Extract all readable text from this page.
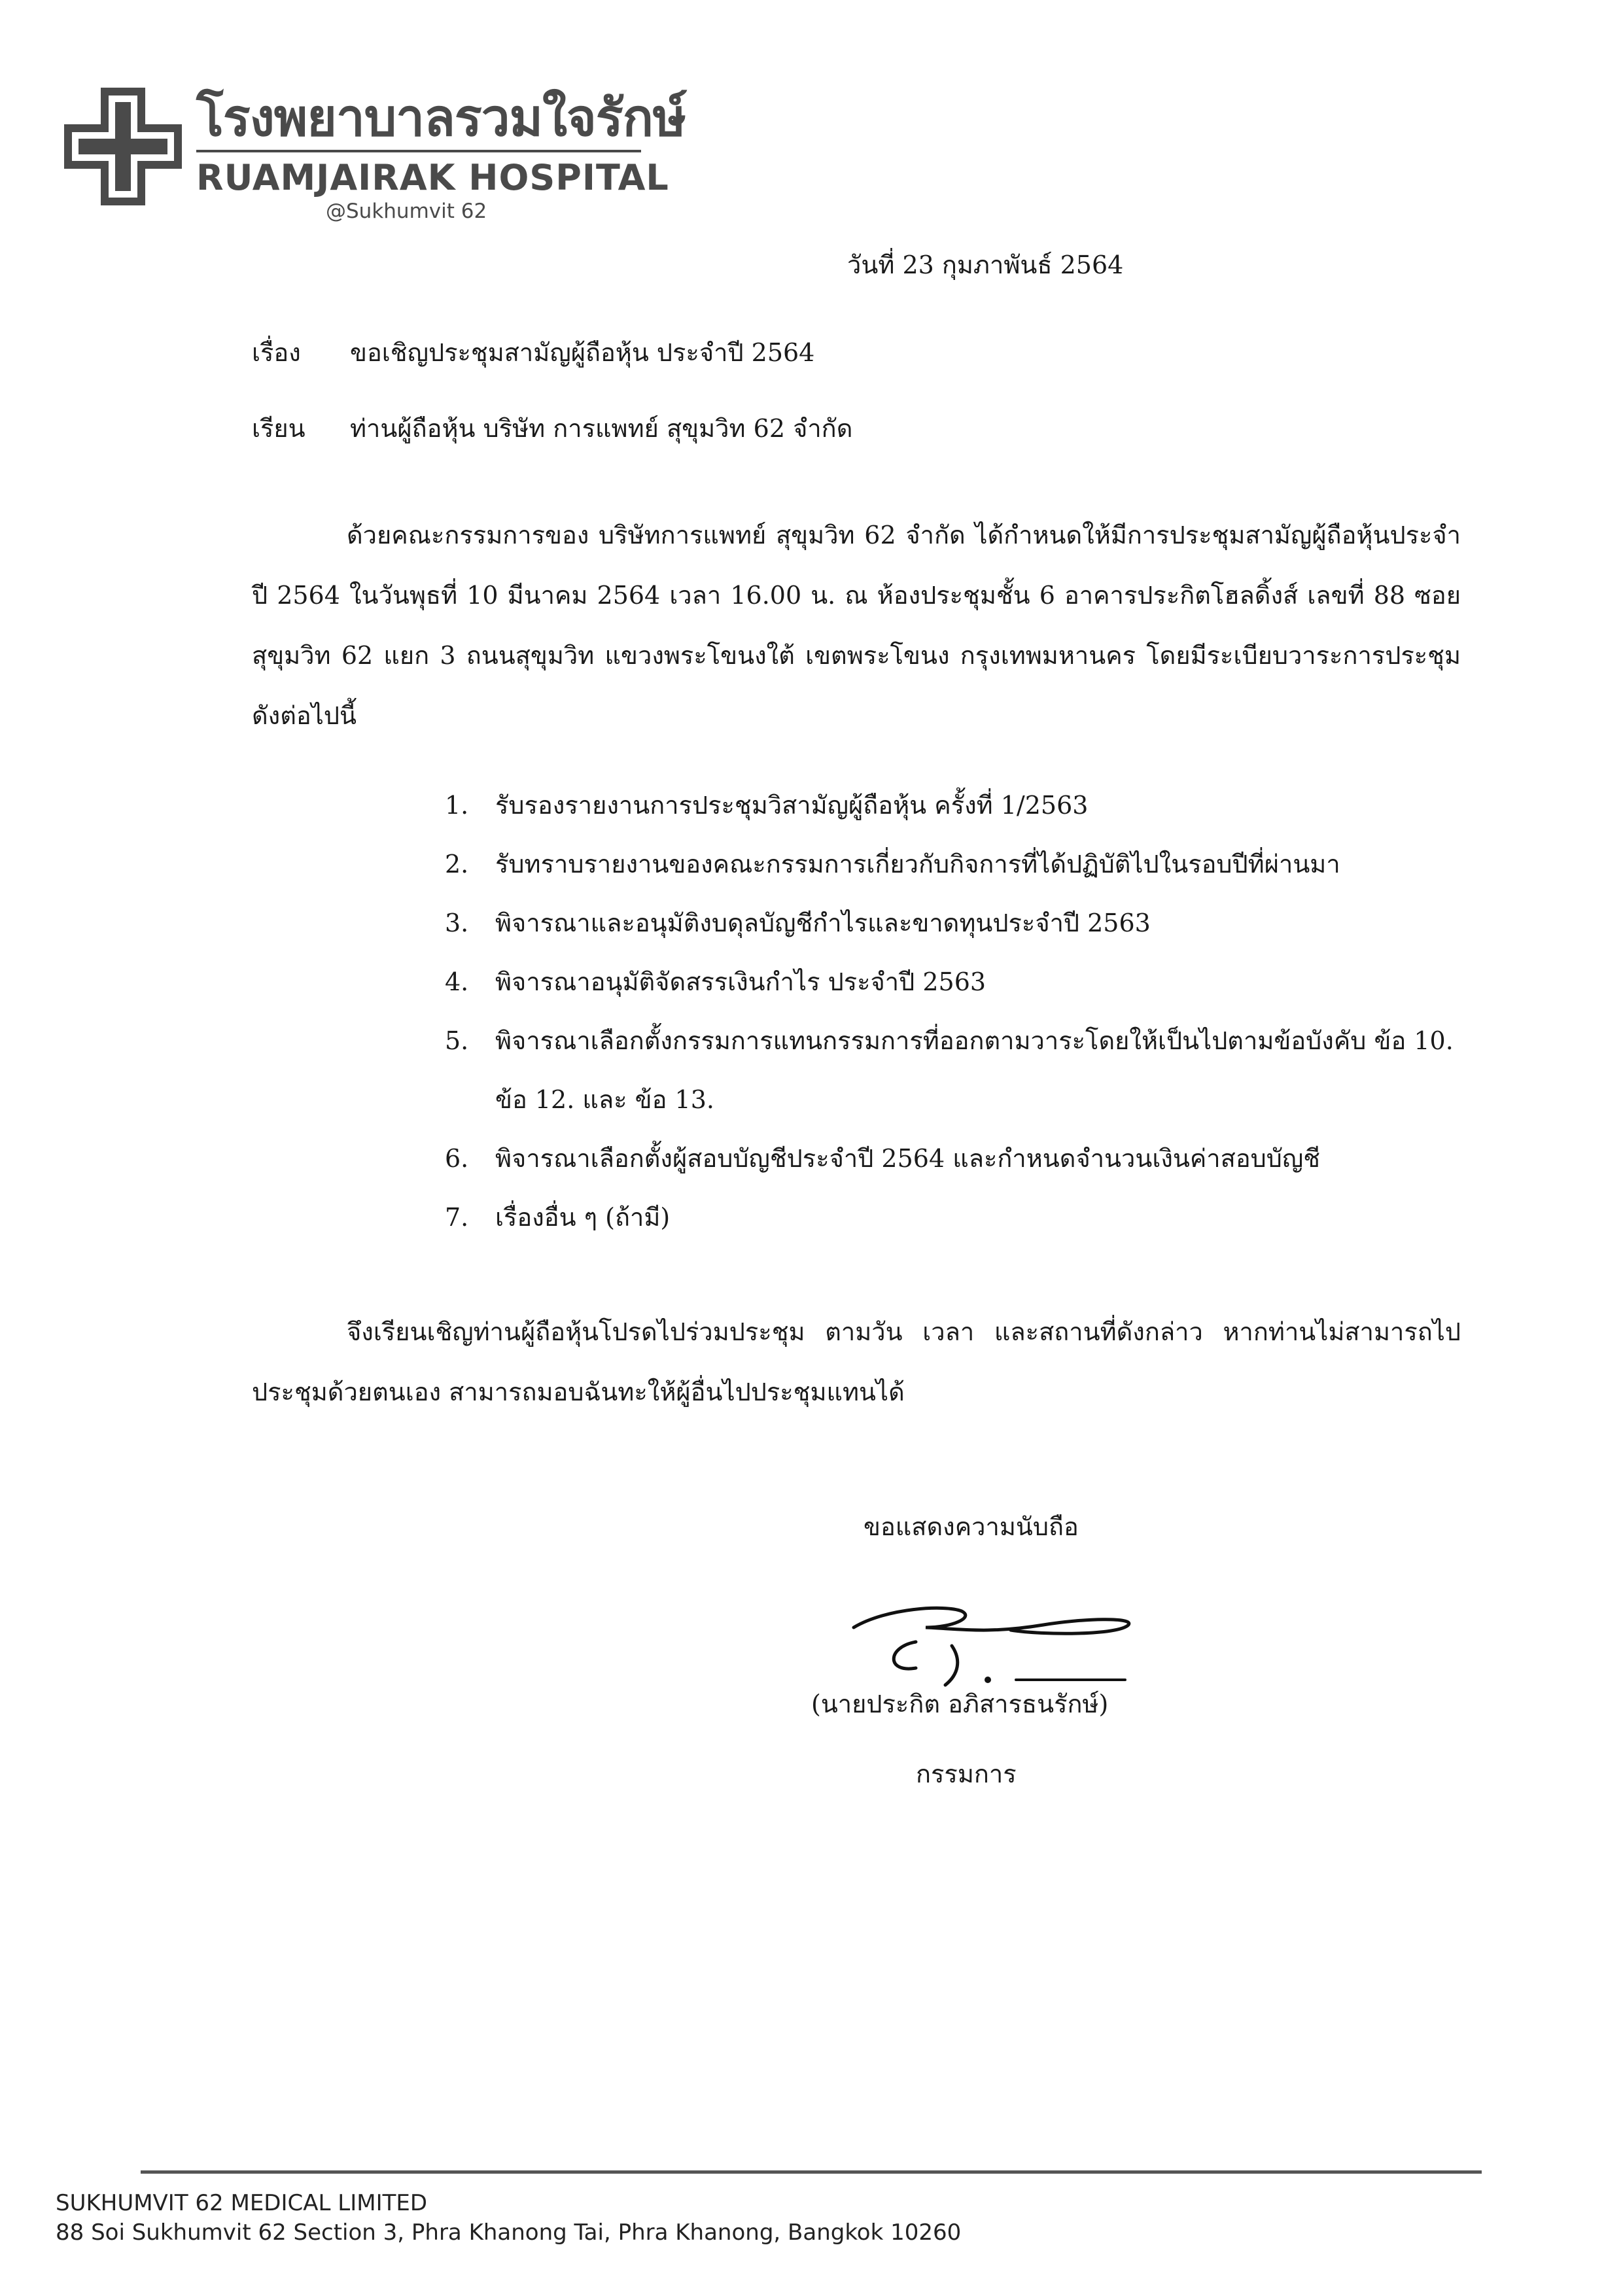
โรงพยาบาลรวมใจรักษ์
RUAMJAIRAK HOSPITAL
@Sukhumvit 62
วันที่ 23 กุมภาพันธ์ 2564
เรื่อง ขอเชิญประชุมสามัญผู้ถือหุ้น ประจำปี 2564
เรียน ท่านผู้ถือหุ้น บริษัท การแพทย์ สุขุมวิท 62 จำกัด
ด้วยคณะกรรมการของ บริษัทการแพทย์ สุขุมวิท 62 จำกัด ได้กำหนดให้มีการประชุมสามัญผู้ถือหุ้นประจำปี 2564 ในวันพุธที่ 10 มีนาคม 2564 เวลา 16.00 น. ณ ห้องประชุมชั้น 6 อาคารประกิตโฮลดิ้งส์ เลขที่ 88 ซอยสุขุมวิท 62 แยก 3 ถนนสุขุมวิท แขวงพระโขนงใต้ เขตพระโขนง กรุงเทพมหานคร โดยมีระเบียบวาระการประชุมดังต่อไปนี้
1. รับรองรายงานการประชุมวิสามัญผู้ถือหุ้น ครั้งที่ 1/2563
2. รับทราบรายงานของคณะกรรมการเกี่ยวกับกิจการที่ได้ปฏิบัติไปในรอบปีที่ผ่านมา
3. พิจารณาและอนุมัติงบดุลบัญชีกำไรและขาดทุนประจำปี 2563
4. พิจารณาอนุมัติจัดสรรเงินกำไร ประจำปี 2563
5. พิจารณาเลือกตั้งกรรมการแทนกรรมการที่ออกตามวาระโดยให้เป็นไปตามข้อบังคับ ข้อ 10. ข้อ 12. และ ข้อ 13.
6. พิจารณาเลือกตั้งผู้สอบบัญชีประจำปี 2564 และกำหนดจำนวนเงินค่าสอบบัญชี
7. เรื่องอื่น ๆ (ถ้ามี)
จึงเรียนเชิญท่านผู้ถือหุ้นโปรดไปร่วมประชุม ตามวัน เวลา และสถานที่ดังกล่าว หากท่านไม่สามารถไปประชุมด้วยตนเอง สามารถมอบฉันทะให้ผู้อื่นไปประชุมแทนได้
ขอแสดงความนับถือ
(นายประกิต อภิสารธนรักษ์)
กรรมการ
SUKHUMVIT 62 MEDICAL LIMITED
88 Soi Sukhumvit 62 Section 3, Phra Khanong Tai, Phra Khanong, Bangkok 10260
